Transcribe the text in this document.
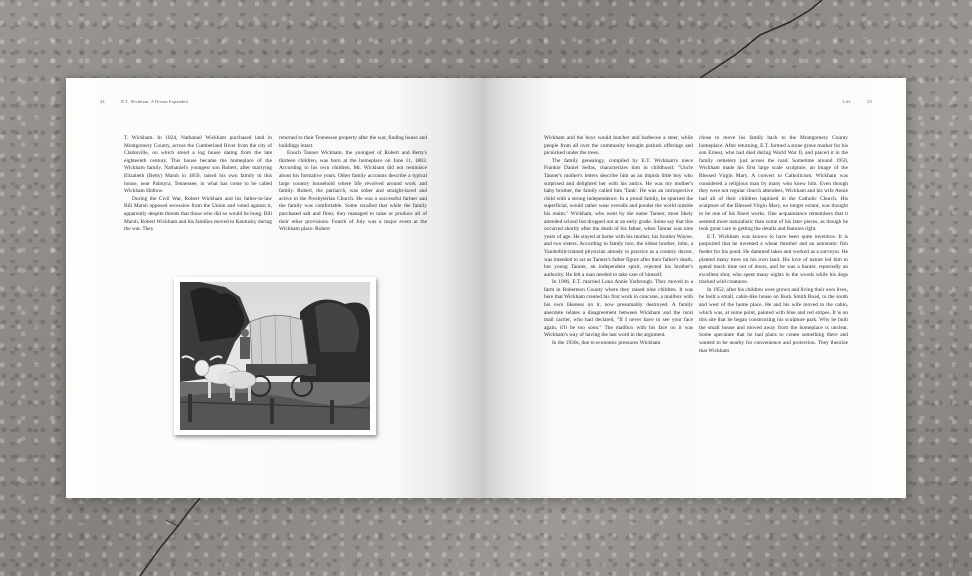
24	E.T. Wickham: A Dream Expanded

T. Wickham. In 1824, Nathaniel Wickham purchased land in Montgomery County, across the Cumberland River from the city of Clarksville, on which stood a log house dating from the late eighteenth century. This house became the homeplace of the Wickham family. Nathaniel's youngest son Robert, after marrying Elizabeth (Betty) Marsh in 1859, raised his own family in this house, near Palmyra, Tennessee, in what has come to be called Wickham Hollow.

During the Civil War, Robert Wickham and his father-in-law Bill Marsh opposed secession from the Union and voted against it, apparently despite threats that those who did so would be hung. Bill Marsh, Robert Wickham and his families moved to Kentucky during the war. They

returned to their Tennessee property after the war, finding house and buildings intact.

Enoch Tanner Wickham, the youngest of Robert and Betty's thirteen children, was born at the homeplace on June 11, 1883. According to his own children, Mr. Wickham did not reminisce about his formative years. Other family accounts describe a typical large country household where life revolved around work and family. Robert, the patriarch, was sober and straight-laced and active in the Presbyterian Church. He was a successful farmer and the family was comfortable. Some recalled that while the family purchased salt and flour, they managed to raise or produce all of their other provisions. Fourth of July was a major event at the Wickham place. Robert

Life	25

Wickham and the boys would butcher and barbecue a steer, while people from all over the community brought potluck offerings and picnicked under the trees.

The family genealogy, compiled by E.T. Wickham's niece Frankie Daniel Sellas, characterizes him in childhood: "Uncle Tanner's mother's letters describe him as an impish little boy who surprised and delighted her with his antics. He was my mother's baby brother, the family called him 'Tank'. He was an introspective child with a strong independence. In a proud family, he spurned the superficial, would rather wear overalls and ponder the world outside his realm." Wickham, who went by the name Tanner, most likely attended school but dropped out at an early grade. Some say that this occurred shortly after the death of his father, when Tanner was nine years of age. He stayed at home with his mother, his brother Wayne, and two sisters. According to family lore, the oldest brother, John, a Vanderbilt-trained physician already in practice as a country doctor, was intended to act as Tanner's father figure after their father's death, but young Tanner, an independent spirit, rejected his brother's authority. He felt a man needed to take care of himself.

In 1906, E.T. married Lona Annie Yarbrough. They moved to a farm in Robertson County where they raised nine children. It was here that Wickham created his first work in concrete, a mailbox with his own likeness on it, now presumably destroyed. A family anecdote relates a disagreement between Wickham and the rural mail carrier, who had declared, "If I never have to see your face again, it'll be too soon." The mailbox with his face on it was Wickham's way of having the last word in the argument.

In the 1930s, due to economic pressures Wickham

chose to move his family back to the Montgomery County homeplace. After returning, E.T. formed a stone grave marker for his son Ernest, who had died during World War II, and placed it in the family cemetery just across the road. Sometime around 1950, Wickham made his first large scale sculpture, an image of the Blessed Virgin Mary. A convert to Catholicism, Wickham was considered a religious man by many who knew him. Even though they were not regular church attendees, Wickham and his wife Annie had all of their children baptized in the Catholic Church. His sculpture of the Blessed Virgin Mary, no longer extant, was thought to be one of his finest works. One acquaintance remembers that it seemed more naturalistic than some of his later pieces, as though he took great care in getting the details and features right.

E.T. Wickham was known to have been quite inventive. It is purported that he invented a wheat thresher and an automatic fish feeder for his pond. He dammed lakes and worked as a surveyor. He planted many trees on his own land. His love of nature led him to spend much time out of doors, and he was a hunter, reportedly an excellent shot, who spent many nights in the woods while his dogs tracked wild creatures.

In 1952, after his children were grown and living their own lives, he built a small, cabin-like house on Buck Smith Road, to the south and west of the home place. He and his wife moved to the cabin, which was, at some point, painted with blue and red stripes. It is on this site that he began constructing his sculpture park. Why he built the small house and moved away from the homeplace is unclear. Some speculate that he had plans to create something there and wanted to be nearby for convenience and protection. They theorize that Wickham
